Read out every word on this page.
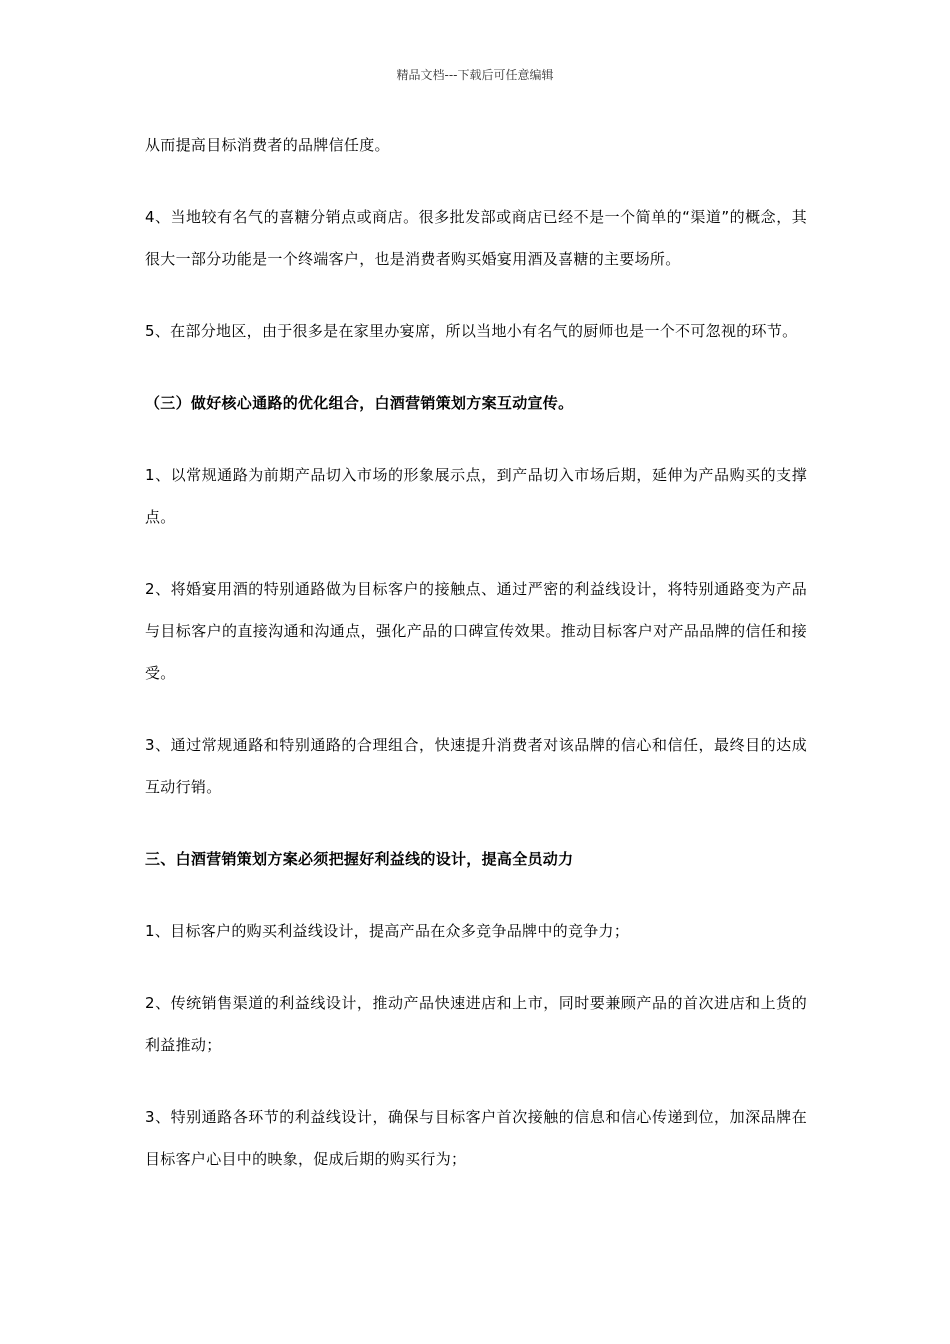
精品文档---下载后可任意编辑

从而提高目标消费者的品牌信任度。

4、当地较有名气的喜糖分销点或商店。很多批发部或商店已经不是一个简单的“渠道”的概念，其很大一部分功能是一个终端客户，也是消费者购买婚宴用酒及喜糖的主要场所。

5、在部分地区，由于很多是在家里办宴席，所以当地小有名气的厨师也是一个不可忽视的环节。

（三）做好核心通路的优化组合，白酒营销策划方案互动宣传。

1、以常规通路为前期产品切入市场的形象展示点，到产品切入市场后期，延伸为产品购买的支撑点。

2、将婚宴用酒的特别通路做为目标客户的接触点、通过严密的利益线设计，将特别通路变为产品与目标客户的直接沟通和沟通点，强化产品的口碑宣传效果。推动目标客户对产品品牌的信任和接受。

3、通过常规通路和特别通路的合理组合，快速提升消费者对该品牌的信心和信任，最终目的达成互动行销。

三、白酒营销策划方案必须把握好利益线的设计，提高全员动力

1、目标客户的购买利益线设计，提高产品在众多竞争品牌中的竞争力；

2、传统销售渠道的利益线设计，推动产品快速进店和上市，同时要兼顾产品的首次进店和上货的利益推动；

3、特别通路各环节的利益线设计，确保与目标客户首次接触的信息和信心传递到位，加深品牌在目标客户心目中的映象，促成后期的购买行为；
